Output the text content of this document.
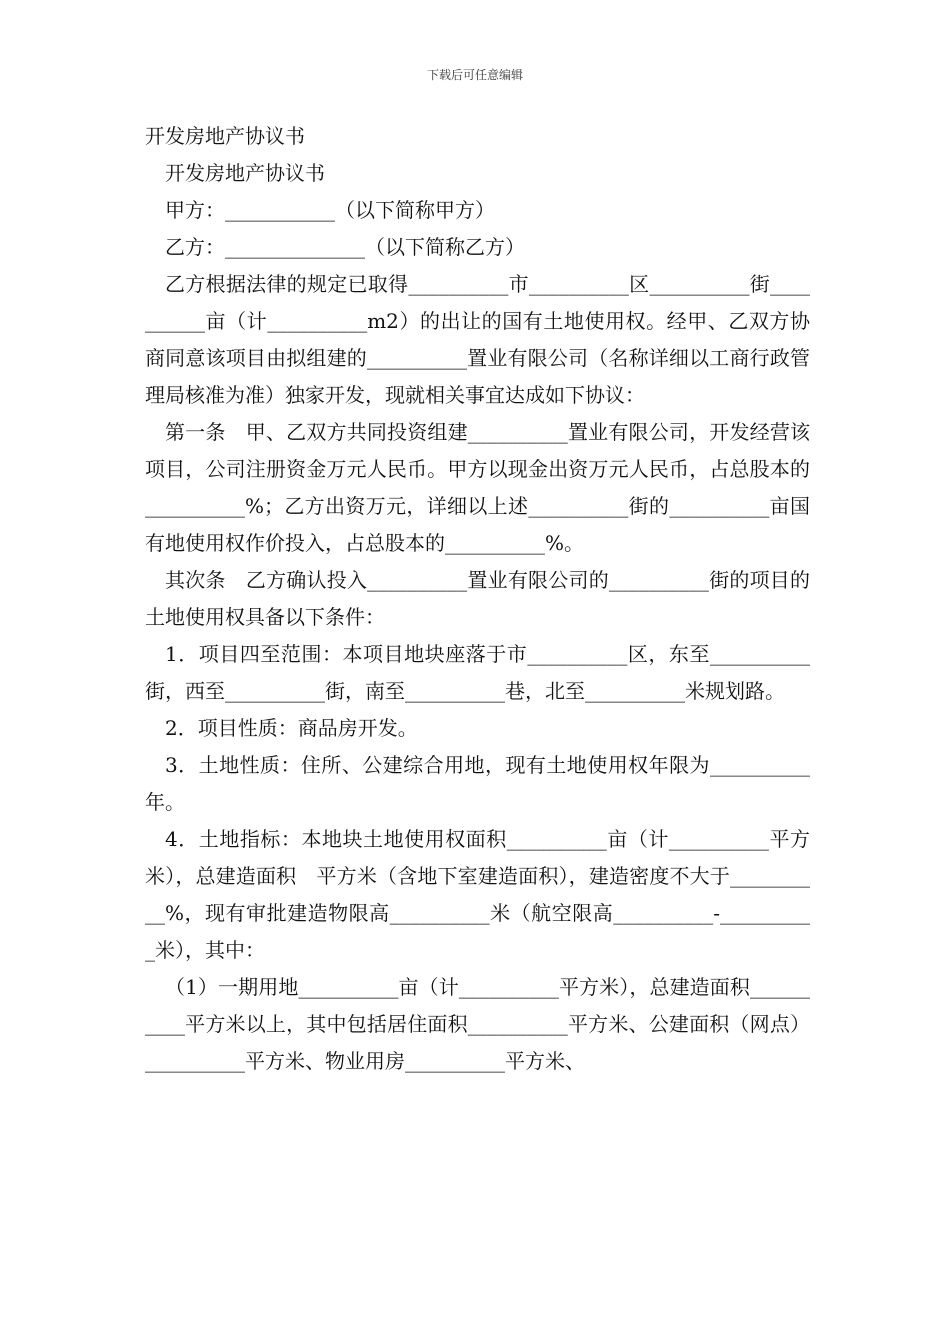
下载后可任意编辑

开发房地产协议书

开发房地产协议书

甲方：___________（以下简称甲方）

乙方：______________（以下简称乙方）

乙方根据法律的规定已取得__________市__________区__________街__________亩（计__________m2）的出让的国有土地使用权。经甲、乙双方协商同意该项目由拟组建的__________置业有限公司（名称详细以工商行政管理局核准为准）独家开发，现就相关事宜达成如下协议：

第一条　甲、乙双方共同投资组建__________置业有限公司，开发经营该项目，公司注册资金万元人民币。甲方以现金出资万元人民币，占总股本的__________%；乙方出资万元，详细以上述__________街的__________亩国有地使用权作价投入，占总股本的__________%。

其次条　乙方确认投入__________置业有限公司的__________街的项目的土地使用权具备以下条件：

1．项目四至范围：本项目地块座落于市__________区，东至__________街，西至__________街，南至__________巷，北至__________米规划路。

2．项目性质：商品房开发。

3．土地性质：住所、公建综合用地，现有土地使用权年限为__________年。

4．土地指标：本地块土地使用权面积__________亩（计__________平方米），总建造面积　平方米（含地下室建造面积），建造密度不大于__________%，现有审批建造物限高__________米（航空限高__________-__________米），其中：

（1）一期用地__________亩（计__________平方米），总建造面积__________平方米以上，其中包括居住面积__________平方米、公建面积（网点）__________平方米、物业用房__________平方米、
